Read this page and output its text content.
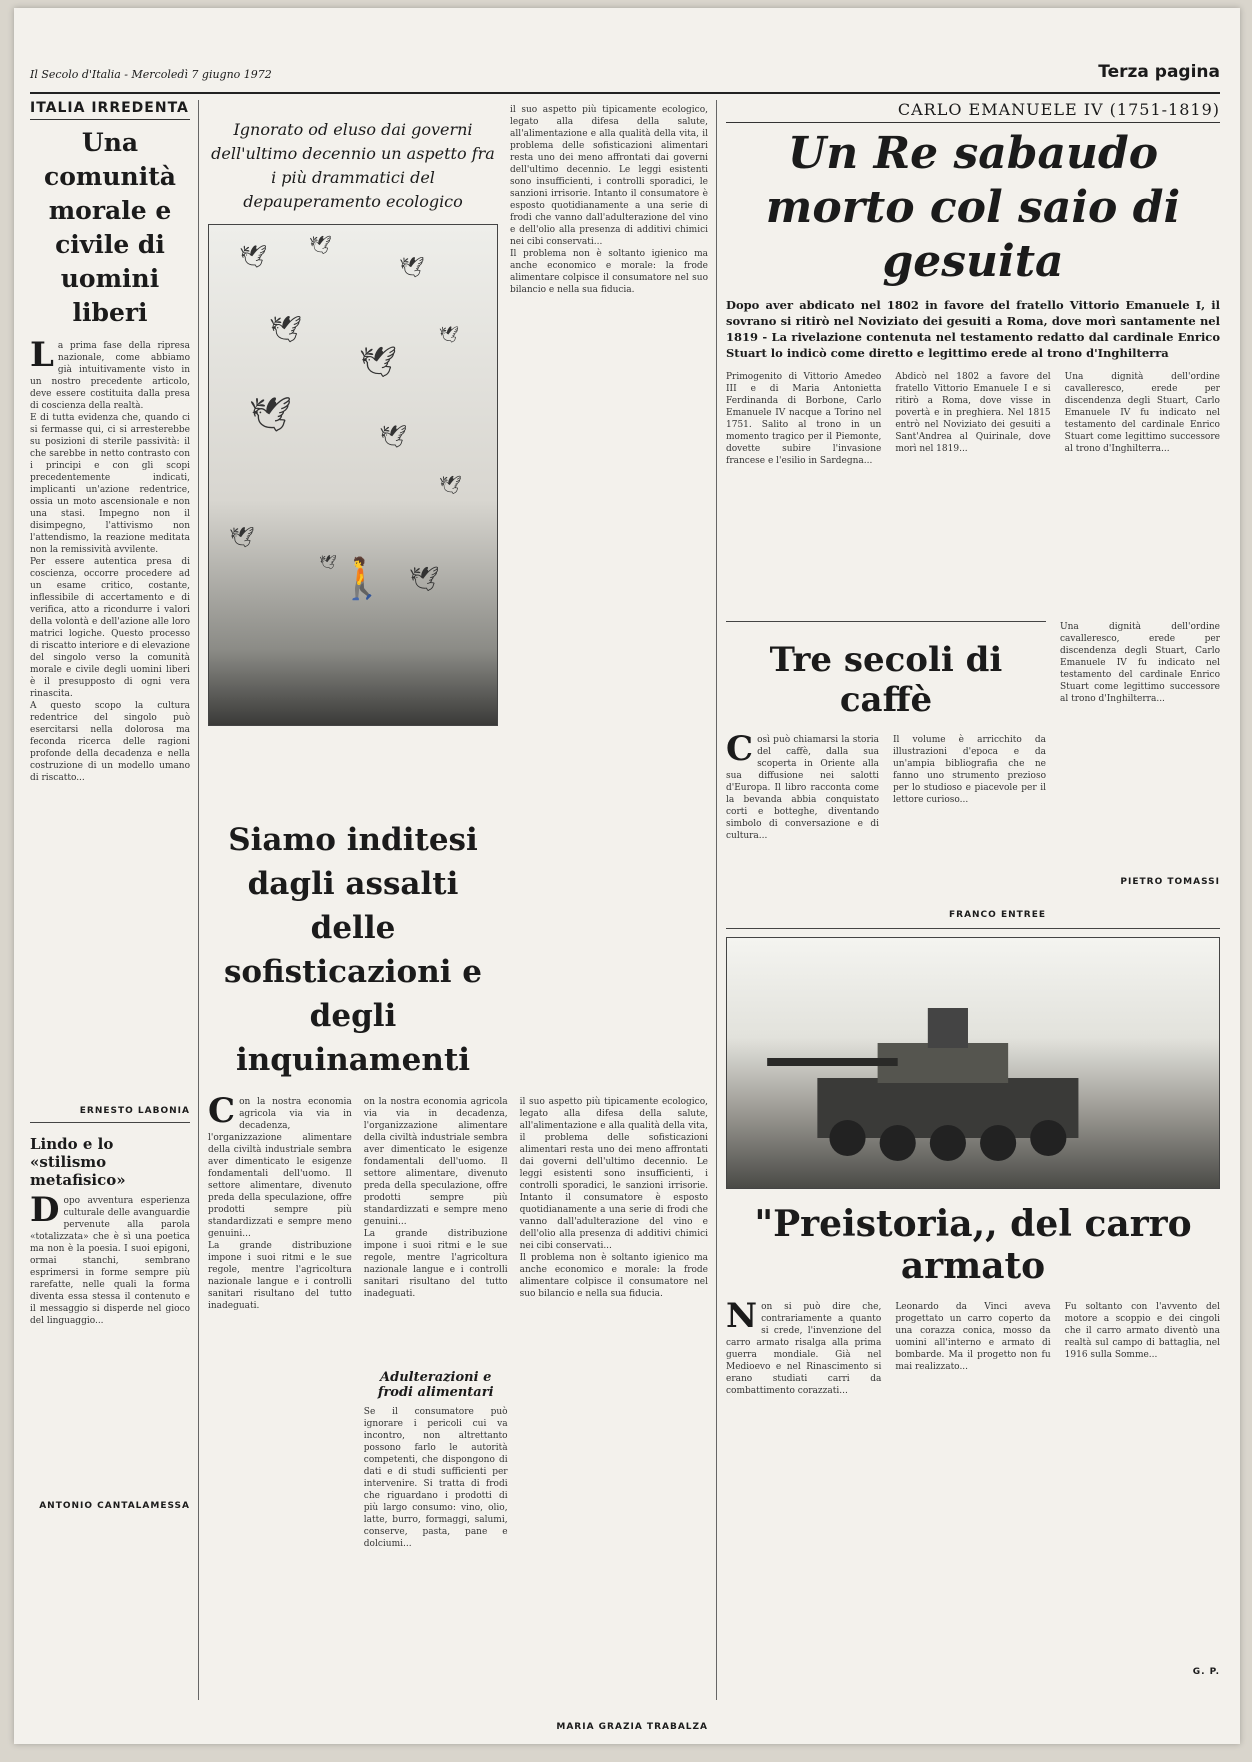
Il Secolo d'Italia - Mercoledì 7 giugno 1972	Terza pagina
ITALIA IRREDENTA
Una comunità morale e civile di uomini liberi
L a prima fase della ripresa nazionale, come abbiamo già intuitivamente visto in un nostro precedente articolo, deve essere costituita dalla presa di coscienza della realtà.
E di tutta evidenza che, quando ci si fermasse qui, ci si arresterebbe su posizioni di sterile passività: il che sarebbe in netto contrasto con i principi e con gli scopi precedentemente indicati, implicanti un'azione redentrice, ossia un moto ascensionale e non una stasi. Impegno non il disimpegno, l'attivismo non l'attendismo, la reazione meditata non la remissività avvilente.
Per essere autentica presa di coscienza, occorre procedere ad un esame critico, costante, inflessibile di accertamento e di verifica, atto a ricondurre i valori della volontà e dell'azione alle loro matrici logiche. Questo processo di riscatto interiore e di elevazione del singolo verso la comunità morale e civile degli uomini liberi è il presupposto di ogni vera rinascita.
A questo scopo la cultura redentrice del singolo può esercitarsi nella dolorosa ma feconda ricerca delle ragioni profonde della decadenza e nella costruzione di un modello umano di riscatto...

ERNESTO LABONIA
Lindo e lo «stilismo metafisico»
D opo avventura esperienza culturale delle avanguardie pervenute alla parola «totalizzata» che è sì una poetica ma non è la poesia. I suoi epigoni, ormai stanchi, sembrano esprimersi in forme sempre più rarefatte, nelle quali la forma diventa essa stessa il contenuto e il messaggio si disperde nel gioco del linguaggio...

ANTONIO CANTALAMESSA
Ignorato od eluso dai governi dell'ultimo decennio un aspetto fra i più drammatici del depauperamento ecologico
🕊 🕊
🕊
🕊
🕊
🕊
🕊
🕊
🕊
🕊
🕊
🕊
🚶

il suo aspetto più tipicamente ecologico, legato alla difesa della salute, all'alimentazione e alla qualità della vita, il problema delle sofisticazioni alimentari resta uno dei meno affrontati dai governi dell'ultimo decennio. Le leggi esistenti sono insufficienti, i controlli sporadici, le sanzioni irrisorie. Intanto il consumatore è esposto quotidianamente a una serie di frodi che vanno dall'adulterazione del vino e dell'olio alla presenza di additivi chimici nei cibi conservati...
Il problema non è soltanto igienico ma anche economico e morale: la frode alimentare colpisce il consumatore nel suo bilancio e nella sua fiducia.

Siamo inditesi dagli assalti delle sofisticazioni e degli inquinamenti
C on la nostra economia agricola via via in decadenza, l'organizzazione alimentare della civiltà industriale sembra aver dimenticato le esigenze fondamentali dell'uomo. Il settore alimentare, divenuto preda della speculazione, offre prodotti sempre più standardizzati e sempre meno genuini...
La grande distribuzione impone i suoi ritmi e le sue regole, mentre l'agricoltura nazionale langue e i controlli sanitari risultano del tutto inadeguati.

on la nostra economia agricola via via in decadenza, l'organizzazione alimentare della civiltà industriale sembra aver dimenticato le esigenze fondamentali dell'uomo. Il settore alimentare, divenuto preda della speculazione, offre prodotti sempre più standardizzati e sempre meno genuini...
La grande distribuzione impone i suoi ritmi e le sue regole, mentre l'agricoltura nazionale langue e i controlli sanitari risultano del tutto inadeguati.

Adulterazioni e frodi alimentari

Se il consumatore può ignorare i pericoli cui va incontro, non altrettanto possono farlo le autorità competenti, che dispongono di dati e di studi sufficienti per intervenire. Si tratta di frodi che riguardano i prodotti di più largo consumo: vino, olio, latte, burro, formaggi, salumi, conserve, pasta, pane e dolciumi...

il suo aspetto più tipicamente ecologico, legato alla difesa della salute, all'alimentazione e alla qualità della vita, il problema delle sofisticazioni alimentari resta uno dei meno affrontati dai governi dell'ultimo decennio. Le leggi esistenti sono insufficienti, i controlli sporadici, le sanzioni irrisorie. Intanto il consumatore è esposto quotidianamente a una serie di frodi che vanno dall'adulterazione del vino e dell'olio alla presenza di additivi chimici nei cibi conservati...
Il problema non è soltanto igienico ma anche economico e morale: la frode alimentare colpisce il consumatore nel suo bilancio e nella sua fiducia.

MARIA GRAZIA TRABALZA
CARLO EMANUELE IV (1751-1819)
Un Re sabaudo morto col saio di gesuita
Dopo aver abdicato nel 1802 in favore del fratello Vittorio Emanuele I, il sovrano si ritirò nel Noviziato dei gesuiti a Roma, dove morì santamente nel 1819 - La rivelazione contenuta nel testamento redatto dal cardinale Enrico Stuart lo indicò come diretto e legittimo erede al trono d'Inghilterra

Primogenito di Vittorio Amedeo III e di Maria Antonietta Ferdinanda di Borbone, Carlo Emanuele IV nacque a Torino nel 1751. Salito al trono in un momento tragico per il Piemonte, dovette subire l'invasione francese e l'esilio in Sardegna...

Abdicò nel 1802 a favore del fratello Vittorio Emanuele I e si ritirò a Roma, dove visse in povertà e in preghiera. Nel 1815 entrò nel Noviziato dei gesuiti a Sant'Andrea al Quirinale, dove morì nel 1819...

Una dignità dell'ordine cavalleresco, erede per discendenza degli Stuart, Carlo Emanuele IV fu indicato nel testamento del cardinale Enrico Stuart come legittimo successore al trono d'Inghilterra...

Tre secoli di caffè
C osì può chiamarsi la storia del caffè, dalla sua scoperta in Oriente alla sua diffusione nei salotti d'Europa. Il libro racconta come la bevanda abbia conquistato corti e botteghe, diventando simbolo di conversazione e di cultura...

Il volume è arricchito da illustrazioni d'epoca e da un'ampia bibliografia che ne fanno uno strumento prezioso per lo studioso e piacevole per il lettore curioso...

FRANCO ENTREE

Una dignità dell'ordine cavalleresco, erede per discendenza degli Stuart, Carlo Emanuele IV fu indicato nel testamento del cardinale Enrico Stuart come legittimo successore al trono d'Inghilterra...

PIETRO TOMASSI
"Preistoria,, del carro armato
N on si può dire che, contrariamente a quanto si crede, l'invenzione del carro armato risalga alla prima guerra mondiale. Già nel Medioevo e nel Rinascimento si erano studiati carri da combattimento corazzati...

Leonardo da Vinci aveva progettato un carro coperto da una corazza conica, mosso da uomini all'interno e armato di bombarde. Ma il progetto non fu mai realizzato...

Fu soltanto con l'avvento del motore a scoppio e dei cingoli che il carro armato diventò una realtà sul campo di battaglia, nel 1916 sulla Somme...

G. P.
